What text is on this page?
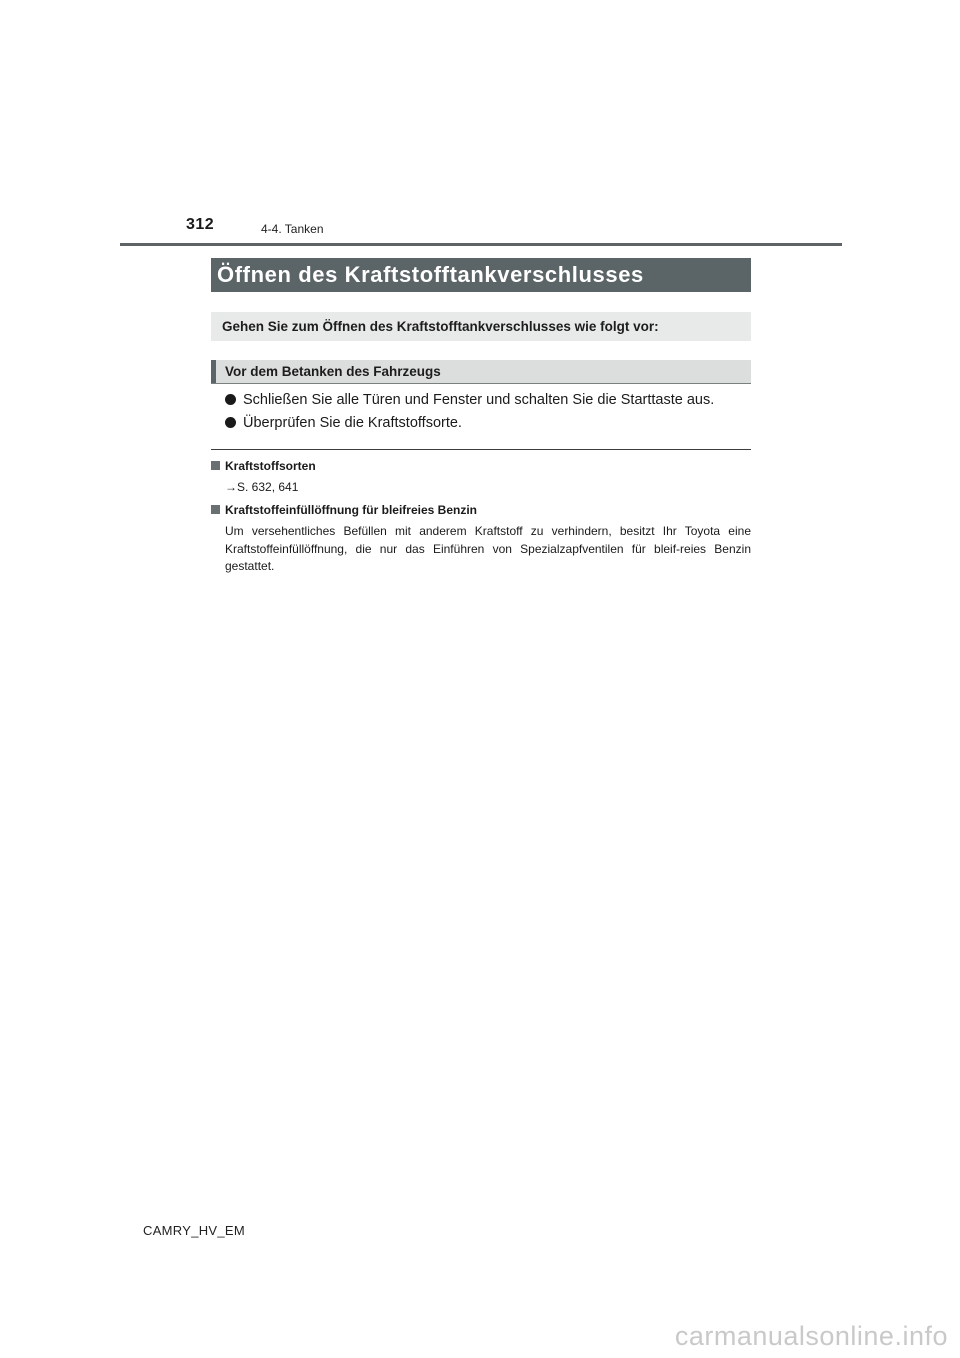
312	4-4. Tanken
Öffnen des Kraftstofftankverschlusses
Gehen Sie zum Öffnen des Kraftstofftankverschlusses wie folgt vor:
Vor dem Betanken des Fahrzeugs
Schließen Sie alle Türen und Fenster und schalten Sie die Starttaste aus.
Überprüfen Sie die Kraftstoffsorte.
Kraftstoffsorten
→S. 632, 641
Kraftstoffeinfüllöffnung für bleifreies Benzin
Um versehentliches Befüllen mit anderem Kraftstoff zu verhindern, besitzt Ihr Toyota eine Kraftstoffeinfüllöffnung, die nur das Einführen von Spezialzapfventilen für bleif-reies Benzin gestattet.
CAMRY_HV_EM
carmanualsonline.info
